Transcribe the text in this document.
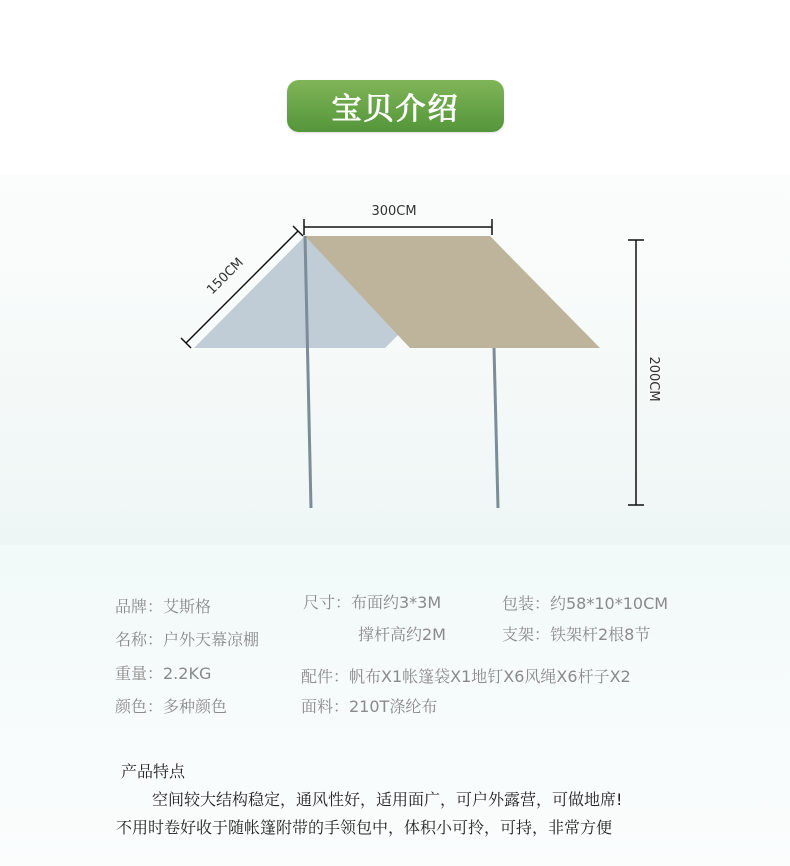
宝贝介绍
300CM
150CM
200CM
品牌：艾斯格
名称：户外天幕凉棚
重量：2.2KG
颜色：多种颜色
尺寸：布面约3*3M
撑杆高约2M
配件：帆布X1帐篷袋X1地钉X6风绳X6杆子X2
面料：210T涤纶布
包装：约58*10*10CM
支架：铁架杆2根8节
产品特点
空间较大结构稳定，通风性好，适用面广，可户外露营，可做地席!
不用时卷好收于随帐篷附带的手领包中，体积小可拎，可持，非常方便
